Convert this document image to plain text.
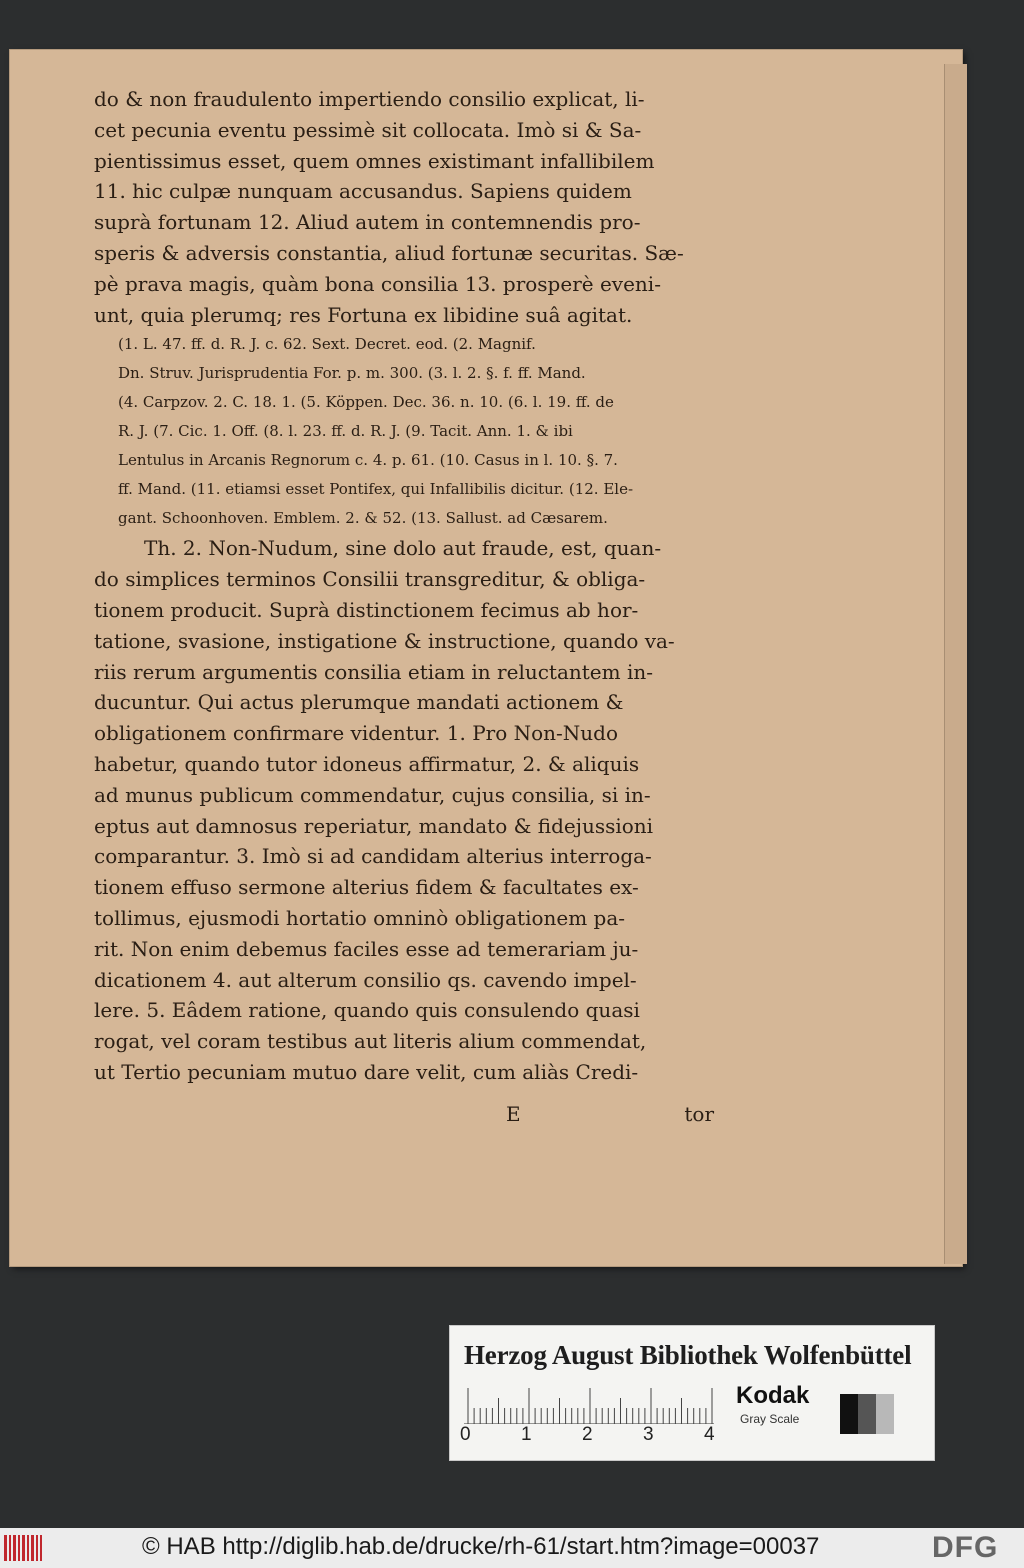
do & non fraudulento impertiendo consilio explicat, li-
cet pecunia eventu pessimè sit collocata. Imò si & Sa-
pientissimus esset, quem omnes existimant infallibilem
11. hic culpæ nunquam accusandus. Sapiens quidem
suprà fortunam 12. Aliud autem in contemnendis pro-
speris & adversis constantia, aliud fortunæ securitas. Sæ-
pè prava magis, quàm bona consilia 13. prosperè eveni-
unt, quia plerumq; res Fortuna ex libidine suâ agitat.
(1. L. 47. ff. d. R. J. c. 62. Sext. Decret. eod. (2. Magnif.
Dn. Struv. Jurisprudentia For. p. m. 300. (3. l. 2. §. f. ff. Mand.
(4. Carpzov. 2. C. 18. 1. (5. Köppen. Dec. 36. n. 10. (6. l. 19. ff. de
R. J. (7. Cic. 1. Off. (8. l. 23. ff. d. R. J. (9. Tacit. Ann. 1. & ibi
Lentulus in Arcanis Regnorum c. 4. p. 61. (10. Casus in l. 10. §. 7.
ff. Mand. (11. etiamsi esset Pontifex, qui Infallibilis dicitur. (12. Ele-
gant. Schoonhoven. Emblem. 2. & 52. (13. Sallust. ad Cæsarem.
Th. 2. Non-Nudum, sine dolo aut fraude, est, quan-
do simplices terminos Consilii transgreditur, & obliga-
tionem producit. Suprà distinctionem fecimus ab hor-
tatione, svasione, instigatione & instructione, quando va-
riis rerum argumentis consilia etiam in reluctantem in-
ducuntur. Qui actus plerumque mandati actionem &
obligationem confirmare videntur. 1. Pro Non-Nudo
habetur, quando tutor idoneus affirmatur, 2. & aliquis
ad munus publicum commendatur, cujus consilia, si in-
eptus aut damnosus reperiatur, mandato & fidejussioni
comparantur. 3. Imò si ad candidam alterius interroga-
tionem effuso sermone alterius fidem & facultates ex-
tollimus, ejusmodi hortatio omninò obligationem pa-
rit. Non enim debemus faciles esse ad temerariam ju-
dicationem 4. aut alterum consilio qs. cavendo impel-
lere. 5. Eâdem ratione, quando quis consulendo quasi
rogat, vel coram testibus aut literis alium commendat,
ut Tertio pecuniam mutuo dare velit, cum aliàs Credi-
E	tor
Herzog August Bibliothek Wolfenbüttel
0	1	2	3	4
Kodak
Gray Scale
© HAB http://diglib.hab.de/drucke/rh-61/start.htm?image=00037	DFG
